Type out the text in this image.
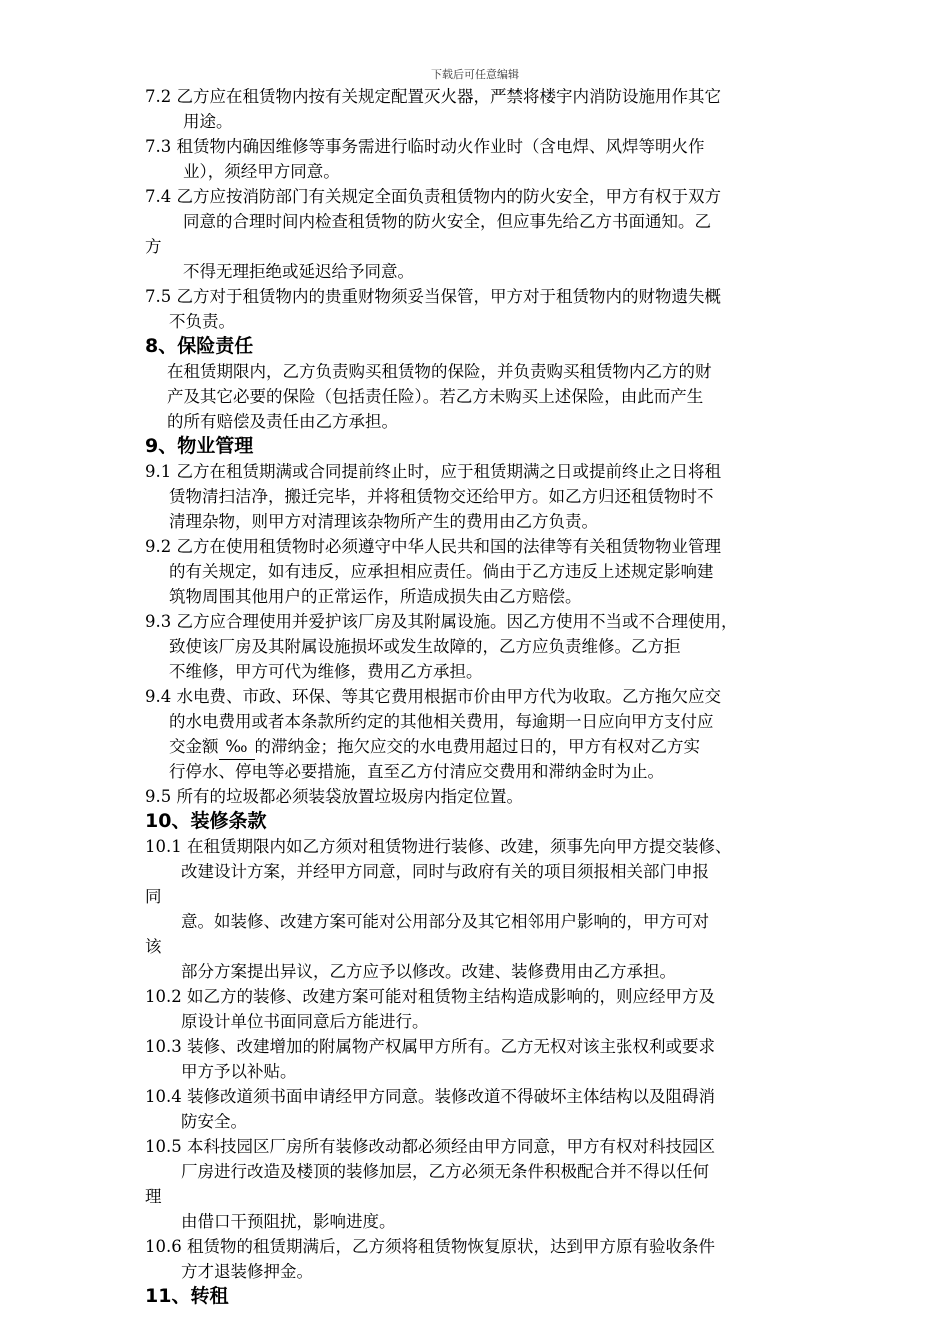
下载后可任意编辑
7.2 乙方应在租赁物内按有关规定配置灭火器，严禁将楼宇内消防设施用作其它
用途。
7.3 租赁物内确因维修等事务需进行临时动火作业时（含电焊、风焊等明火作
业），须经甲方同意。
7.4 乙方应按消防部门有关规定全面负责租赁物内的防火安全，甲方有权于双方
同意的合理时间内检查租赁物的防火安全，但应事先给乙方书面通知。乙
方
不得无理拒绝或延迟给予同意。
7.5 乙方对于租赁物内的贵重财物须妥当保管，甲方对于租赁物内的财物遗失概
不负责。
8、保险责任
在租赁期限内，乙方负责购买租赁物的保险，并负责购买租赁物内乙方的财
产及其它必要的保险（包括责任险）。若乙方未购买上述保险，由此而产生
的所有赔偿及责任由乙方承担。
9、物业管理
9.1 乙方在租赁期满或合同提前终止时，应于租赁期满之日或提前终止之日将租
赁物清扫洁净，搬迁完毕，并将租赁物交还给甲方。如乙方归还租赁物时不
清理杂物，则甲方对清理该杂物所产生的费用由乙方负责。
9.2 乙方在使用租赁物时必须遵守中华人民共和国的法律等有关租赁物物业管理
的有关规定，如有违反，应承担相应责任。倘由于乙方违反上述规定影响建
筑物周围其他用户的正常运作，所造成损失由乙方赔偿。
9.3 乙方应合理使用并爱护该厂房及其附属设施。因乙方使用不当或不合理使用，
致使该厂房及其附属设施损坏或发生故障的，乙方应负责维修。乙方拒
不维修，甲方可代为维修，费用乙方承担。
9.4 水电费、市政、环保、等其它费用根据市价由甲方代为收取。乙方拖欠应交
的水电费用或者本条款所约定的其他相关费用，每逾期一日应向甲方支付应
交金额 ‰ 的滞纳金；拖欠应交的水电费用超过日的，甲方有权对乙方实
行停水、停电等必要措施，直至乙方付清应交费用和滞纳金时为止。
9.5 所有的垃圾都必须装袋放置垃圾房内指定位置。
10、装修条款
10.1 在租赁期限内如乙方须对租赁物进行装修、改建，须事先向甲方提交装修、
改建设计方案，并经甲方同意，同时与政府有关的项目须报相关部门申报
同
意。如装修、改建方案可能对公用部分及其它相邻用户影响的，甲方可对
该
部分方案提出异议，乙方应予以修改。改建、装修费用由乙方承担。
10.2 如乙方的装修、改建方案可能对租赁物主结构造成影响的，则应经甲方及
原设计单位书面同意后方能进行。
10.3 装修、改建增加的附属物产权属甲方所有。乙方无权对该主张权利或要求
甲方予以补贴。
10.4 装修改道须书面申请经甲方同意。装修改道不得破坏主体结构以及阻碍消
防安全。
10.5 本科技园区厂房所有装修改动都必须经由甲方同意，甲方有权对科技园区
厂房进行改造及楼顶的装修加层，乙方必须无条件积极配合并不得以任何
理
由借口干预阻扰，影响进度。
10.6 租赁物的租赁期满后，乙方须将租赁物恢复原状，达到甲方原有验收条件
方才退装修押金。
11、转租
